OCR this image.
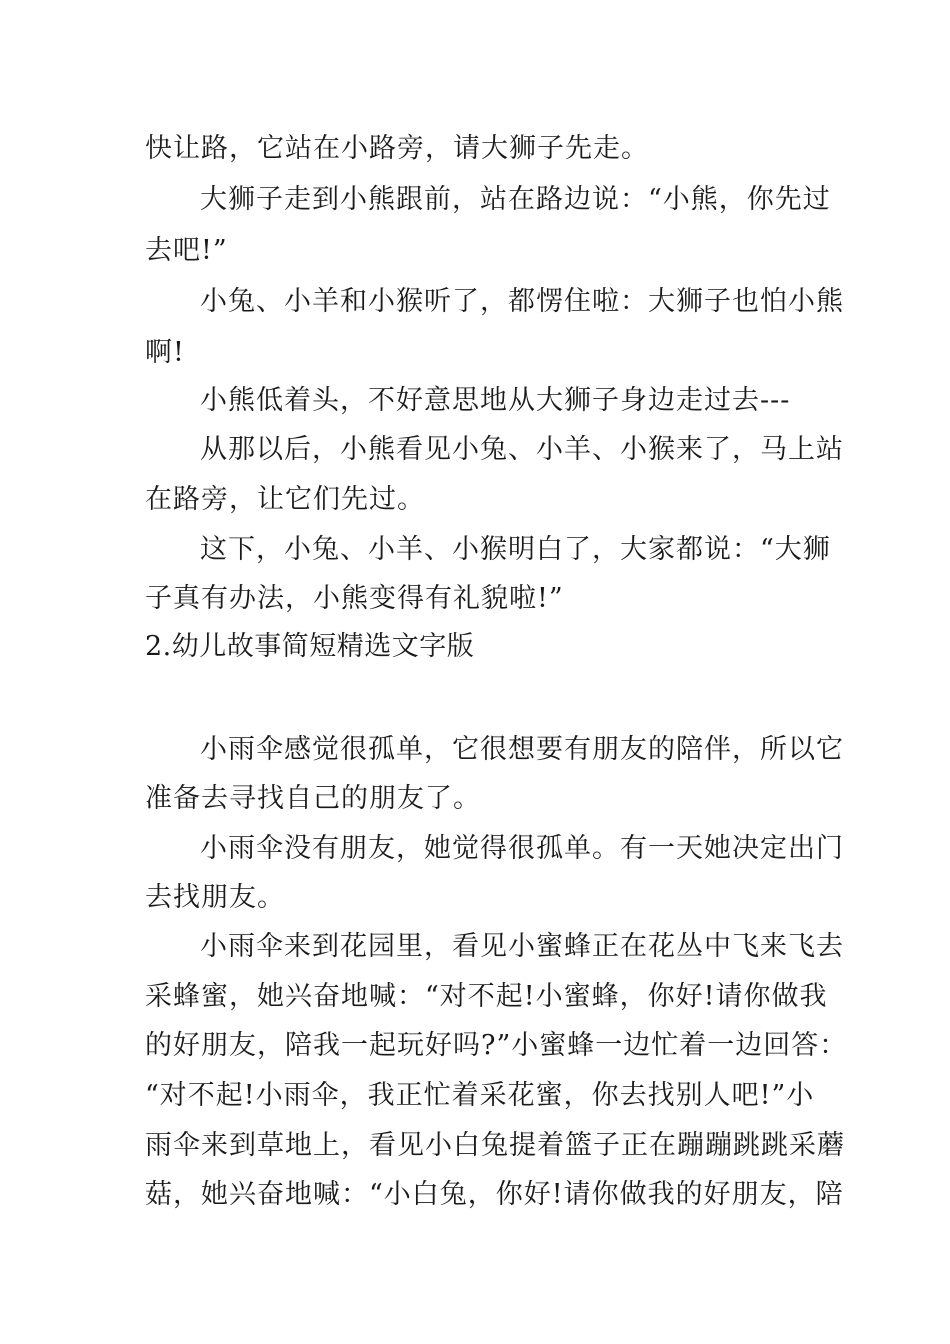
快让路，它站在小路旁，请大狮子先走。
大狮子走到小熊跟前，站在路边说：“小熊，你先过
去吧!”
小兔、小羊和小猴听了，都愣住啦：大狮子也怕小熊
啊!
小熊低着头，不好意思地从大狮子身边走过去---
从那以后，小熊看见小兔、小羊、小猴来了，马上站
在路旁，让它们先过。
这下，小兔、小羊、小猴明白了，大家都说：“大狮
子真有办法，小熊变得有礼貌啦!”
2.幼儿故事简短精选文字版
小雨伞感觉很孤单，它很想要有朋友的陪伴，所以它
准备去寻找自己的朋友了。
小雨伞没有朋友，她觉得很孤单。有一天她决定出门
去找朋友。
小雨伞来到花园里，看见小蜜蜂正在花丛中飞来飞去
采蜂蜜，她兴奋地喊：“对不起!小蜜蜂，你好!请你做我
的好朋友，陪我一起玩好吗?”小蜜蜂一边忙着一边回答：
“对不起!小雨伞，我正忙着采花蜜，你去找别人吧!”小
雨伞来到草地上，看见小白兔提着篮子正在蹦蹦跳跳采蘑
菇，她兴奋地喊：“小白兔，你好!请你做我的好朋友，陪
